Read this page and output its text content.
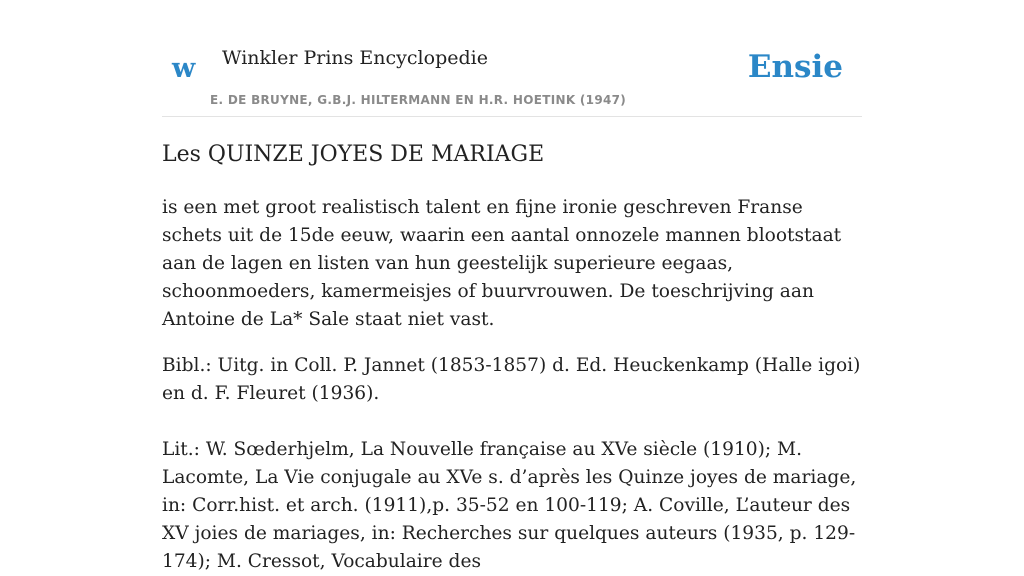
w Winkler Prins Encyclopedie
E. DE BRUYNE, G.B.J. HILTERMANN EN H.R. HOETINK (1947)
Ensie
Les QUINZE JOYES DE MARIAGE

is een met groot realistisch talent en fijne ironie geschreven Franse schets uit de 15de eeuw, waarin een aantal onnozele mannen blootstaat aan de lagen en listen van hun geestelijk superieure eegaas, schoonmoeders, kamermeisjes of buurvrouwen. De toeschrijving aan Antoine de La* Sale staat niet vast.

Bibl.: Uitg. in Coll. P. Jannet (1853-1857) d. Ed. Heuckenkamp (Halle igoi) en d. F. Fleuret (1936).

Lit.: W. Sœderhjelm, La Nouvelle française au XVe siècle (1910); M. Lacomte, La Vie conjugale au XVe s. d’après les Quinze joyes de mariage, in: Corr.hist. et arch. (1911),p. 35-52 en 100-119; A. Coville, L’auteur des XV joies de mariages, in: Recherches sur quelques auteurs (1935, p. 129-174); M. Cressot, Vocabulaire des
